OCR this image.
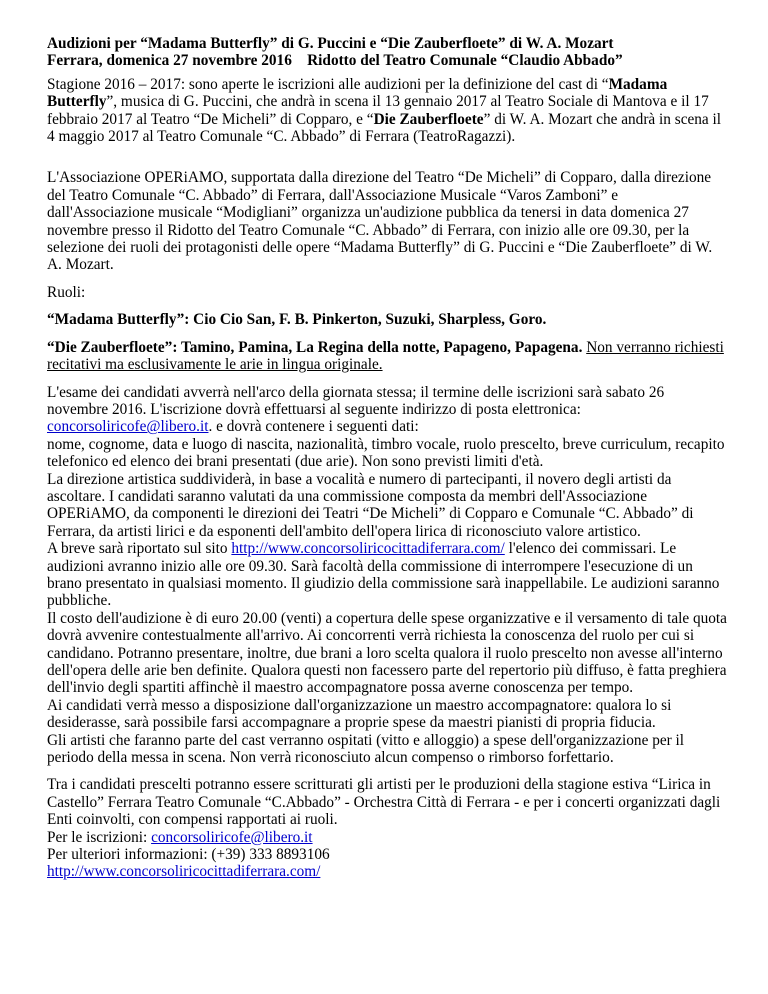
Audizioni per “Madama Butterfly” di G. Puccini e “Die Zauberfloete” di W. A. Mozart
Ferrara, domenica 27 novembre 2016    Ridotto del Teatro Comunale “Claudio Abbado”

Stagione 2016 – 2017: sono aperte le iscrizioni alle audizioni per la definizione del cast di “Madama Butterfly”, musica di G. Puccini, che andrà in scena il 13 gennaio 2017 al Teatro Sociale di Mantova e il 17 febbraio 2017 al Teatro “De Micheli” di Copparo, e “Die Zauberfloete” di W. A. Mozart che andrà in scena il 4 maggio 2017 al Teatro Comunale “C. Abbado” di Ferrara (TeatroRagazzi).

L'Associazione OPERiAMO, supportata dalla direzione del Teatro “De Micheli” di Copparo, dalla direzione del Teatro Comunale “C. Abbado” di Ferrara, dall'Associazione Musicale “Varos Zamboni” e dall'Associazione musicale “Modigliani” organizza un'audizione pubblica da tenersi in data domenica 27 novembre presso il Ridotto del Teatro Comunale “C. Abbado” di Ferrara, con inizio alle ore 09.30, per la selezione dei ruoli dei protagonisti delle opere “Madama Butterfly” di G. Puccini e “Die Zauberfloete” di W. A. Mozart.

Ruoli:

“Madama Butterfly”: Cio Cio San, F. B. Pinkerton, Suzuki, Sharpless, Goro.

“Die Zauberfloete”: Tamino, Pamina, La Regina della notte, Papageno, Papagena. Non verranno richiesti recitativi ma esclusivamente le arie in lingua originale.

L'esame dei candidati avverrà nell'arco della giornata stessa; il termine delle iscrizioni sarà sabato 26 novembre 2016. L'iscrizione dovrà effettuarsi al seguente indirizzo di posta elettronica: concorsoliricofe@libero.it. e dovrà contenere i seguenti dati:
nome, cognome, data e luogo di nascita, nazionalità, timbro vocale, ruolo prescelto, breve curriculum, recapito telefonico ed elenco dei brani presentati (due arie). Non sono previsti limiti d'età.
La direzione artistica suddividerà, in base a vocalità e numero di partecipanti, il novero degli artisti da ascoltare. I candidati saranno valutati da una commissione composta da membri dell'Associazione OPERiAMO, da componenti le direzioni dei Teatri “De Micheli” di Copparo e Comunale “C. Abbado” di Ferrara, da artisti lirici e da esponenti dell'ambito dell'opera lirica di riconosciuto valore artistico.
A breve sarà riportato sul sito http://www.concorsoliricocittadiferrara.com/ l'elenco dei commissari. Le audizioni avranno inizio alle ore 09.30. Sarà facoltà della commissione di interrompere l'esecuzione di un brano presentato in qualsiasi momento. Il giudizio della commissione sarà inappellabile. Le audizioni saranno pubbliche.
Il costo dell'audizione è di euro 20.00 (venti) a copertura delle spese organizzative e il versamento di tale quota dovrà avvenire contestualmente all'arrivo. Ai concorrenti verrà richiesta la conoscenza del ruolo per cui si candidano. Potranno presentare, inoltre, due brani a loro scelta qualora il ruolo prescelto non avesse all'interno dell'opera delle arie ben definite. Qualora questi non facessero parte del repertorio più diffuso, è fatta preghiera dell'invio degli spartiti affinchè il maestro accompagnatore possa averne conoscenza per tempo.
Ai candidati verrà messo a disposizione dall'organizzazione un maestro accompagnatore: qualora lo si desiderasse, sarà possibile farsi accompagnare a proprie spese da maestri pianisti di propria fiducia.
Gli artisti che faranno parte del cast verranno ospitati (vitto e alloggio) a spese dell'organizzazione per il periodo della messa in scena. Non verrà riconosciuto alcun compenso o rimborso forfettario.

Tra i candidati prescelti potranno essere scritturati gli artisti per le produzioni della stagione estiva “Lirica in Castello” Ferrara Teatro Comunale “C.Abbado” - Orchestra Città di Ferrara - e per i concerti organizzati dagli Enti coinvolti, con compensi rapportati ai ruoli.
Per le iscrizioni: concorsoliricofe@libero.it
Per ulteriori informazioni: (+39) 333 8893106
http://www.concorsoliricocittadiferrara.com/
